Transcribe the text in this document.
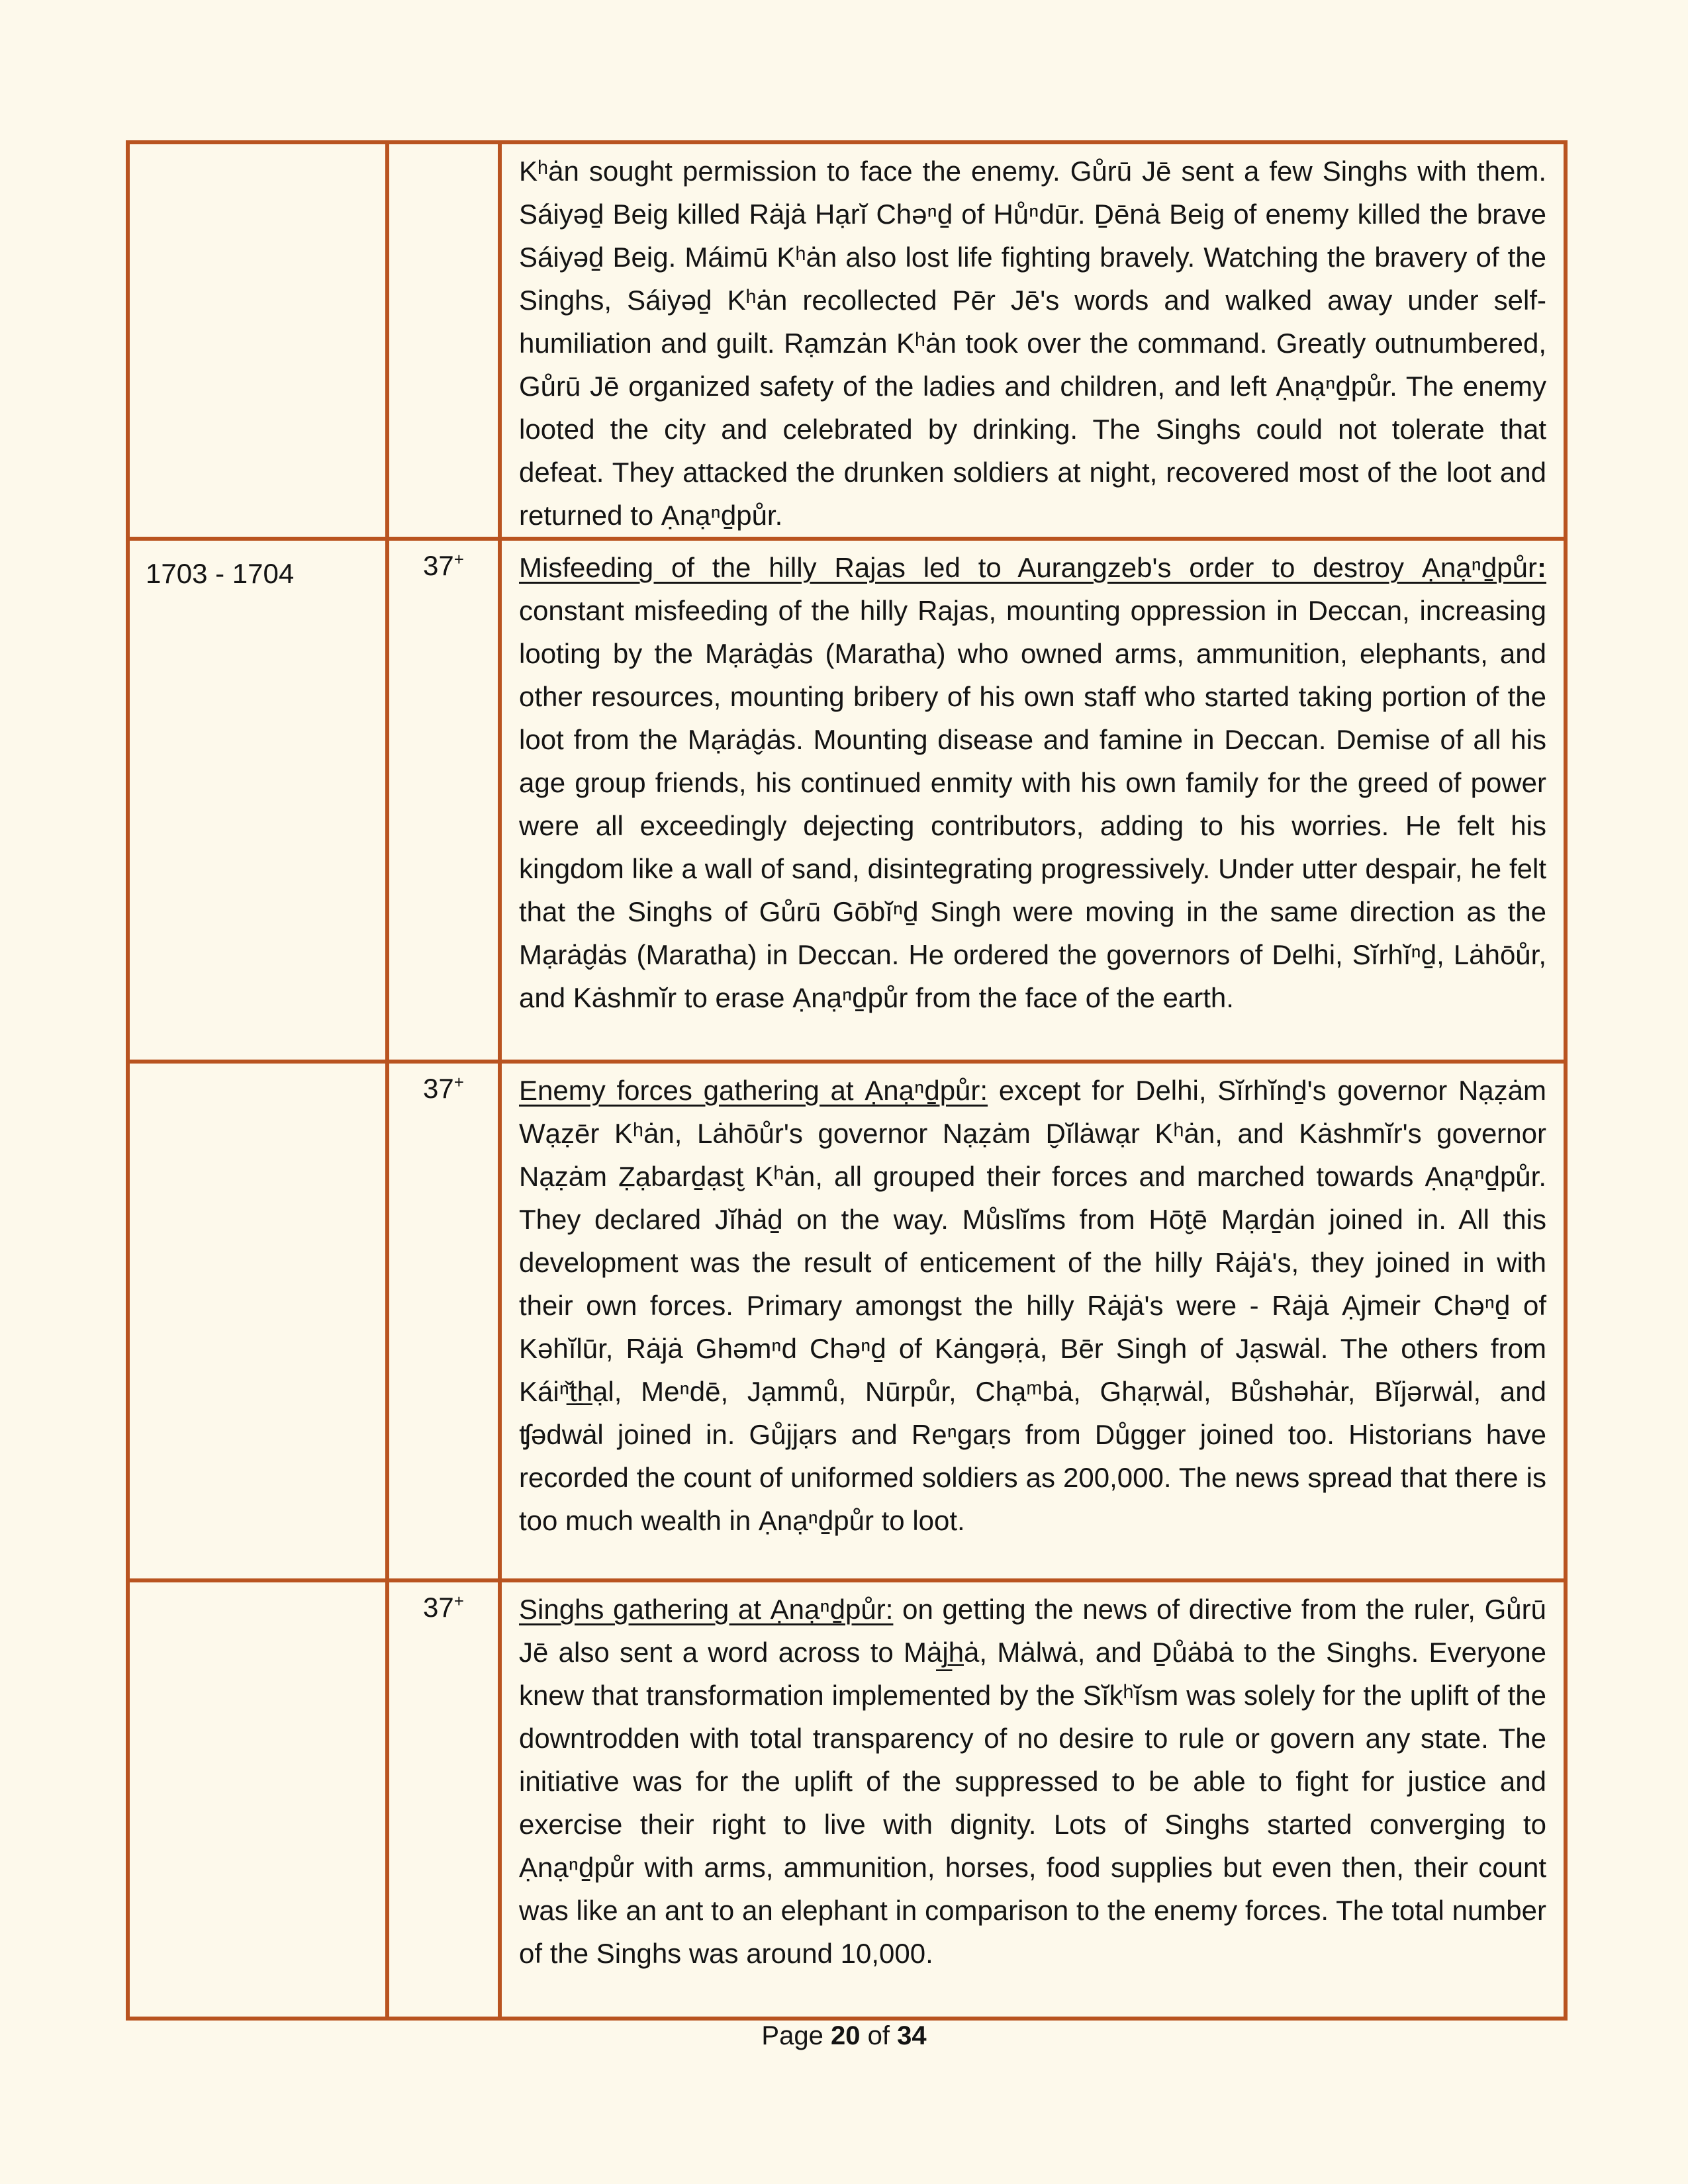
		Kʰȧn sought permission to face the enemy. Gůrū Jē sent a few Singhs with them. Sáiyəd̠ Beig killed Rȧjȧ Hạrĭ Chəⁿd̠ of Hůⁿdūr. D̠ēnȧ Beig of enemy killed the brave Sáiyəd̠ Beig. Máimū Kʰȧn also lost life fighting bravely. Watching the bravery of the Singhs, Sáiyəd̠ Kʰȧn recollected Pēr Jē's words and walked away under self-humiliation and guilt. Rạmzȧn Kʰȧn took over the command. Greatly outnumbered, Gůrū Jē organized safety of the ladies and children, and left Ạnạⁿd̠půr. The enemy looted the city and celebrated by drinking. The Singhs could not tolerate that defeat. They attacked the drunken soldiers at night, recovered most of the loot and returned to Ạnạⁿd̠půr.

1703 - 1704	37+	Misfeeding of the hilly Rajas led to Aurangzeb's order to destroy Ạnạⁿd̠půr: constant misfeeding of the hilly Rajas, mounting oppression in Deccan, increasing looting by the Mạrȧd̬ȧs (Maratha) who owned arms, ammunition, elephants, and other resources, mounting bribery of his own staff who started taking portion of the loot from the Mạrȧd̬ȧs. Mounting disease and famine in Deccan. Demise of all his age group friends, his continued enmity with his own family for the greed of power were all exceedingly dejecting contributors, adding to his worries. He felt his kingdom like a wall of sand, disintegrating progressively. Under utter despair, he felt that the Singhs of Gůrū Gōbĭⁿd̠ Singh were moving in the same direction as the Mạrȧd̬ȧs (Maratha) in Deccan. He ordered the governors of Delhi, Sĭrhĭⁿd̠, Lȧhōůr, and Kȧshmĭr to erase Ạnạⁿd̠půr from the face of the earth.

	37+	Enemy forces gathering at Ạnạⁿd̠půr: except for Delhi, Sĭrhĭnd̠'s governor Nạẓȧm Wạẓēr Kʰȧn, Lȧhōůr's governor Nạẓȧm D̬ĭlȧwạr Kʰȧn, and Kȧshmĭr's governor Nạẓȧm Ẓạbard̠ạst̮ Kʰȧn, all grouped their forces and marched towards Ạnạⁿd̠půr. They declared Jĭhȧd̠ on the way. Můslĭms from Hōt̮ē Mạrd̠ȧn joined in. All this development was the result of enticement of the hilly Rȧjȧ's, they joined in with their own forces. Primary amongst the hilly Rȧjȧ's were - Rȧjȧ Ạjmeir Chəⁿd̠ of Kəhĭlūr, Rȧjȧ Ghəmⁿd Chəⁿd̠ of Kȧngəṛȧ, Bēr Singh of Jạswȧl. The others from Káiⁿ̌t̲h̲ạl, Meⁿdē, Jạmmů, Nūrpůr, Chạᵐbȧ, Ghạṛwȧl, Bůshəhȧr, Bĭjərwȧl, and ʧədwȧl joined in. Gůjjạrs and Reⁿgaṛs from Důgger joined too. Historians have recorded the count of uniformed soldiers as 200,000. The news spread that there is too much wealth in Ạnạⁿd̠půr to loot.

	37+	Singhs gathering at Ạnạⁿd̠půr: on getting the news of directive from the ruler, Gůrū Jē also sent a word across to Mȧj̲h̲ȧ, Mȧlwȧ, and D̠ůȧbȧ to the Singhs. Everyone knew that transformation implemented by the Sĭkʰĭsm was solely for the uplift of the downtrodden with total transparency of no desire to rule or govern any state. The initiative was for the uplift of the suppressed to be able to fight for justice and exercise their right to live with dignity. Lots of Singhs started converging to Ạnạⁿd̠půr with arms, ammunition, horses, food supplies but even then, their count was like an ant to an elephant in comparison to the enemy forces. The total number of the Singhs was around 10,000.

Page 20 of 34
